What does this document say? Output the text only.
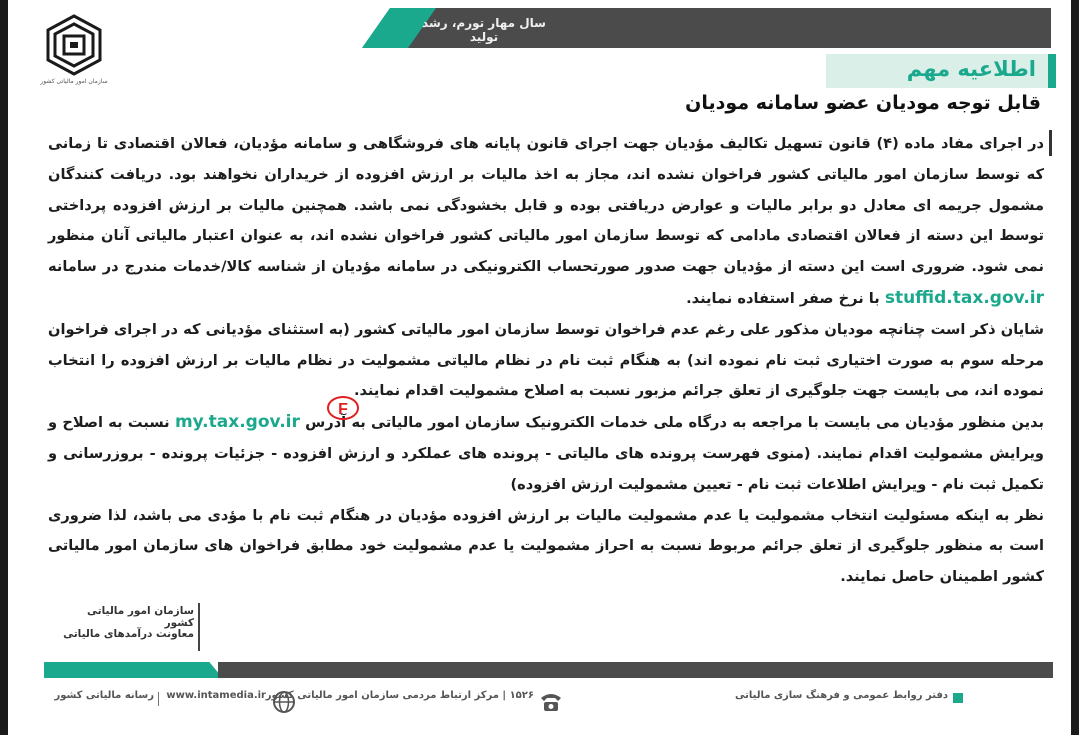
سال مهار تورم، رشد تولید
سازمان امور مالیاتی کشور
اطلاعیه مهم
قابل توجه مودیان عضو سامانه مودیان

در اجرای مفاد ماده (۴) قانون تسهیل تکالیف مؤدیان جهت اجرای قانون پایانه های فروشگاهی و سامانه مؤدیان، فعالان اقتصادی تا زمانی که توسط سازمان امور مالیاتی کشور فراخوان نشده اند، مجاز به اخذ مالیات بر ارزش افزوده از خریداران نخواهند بود. دریافت کنندگان مشمول جریمه ای معادل دو برابر مالیات و عوارض دریافتی بوده و قابل بخشودگی نمی باشد. همچنین مالیات بر ارزش افزوده پرداختی توسط این دسته از فعالان اقتصادی مادامی که توسط سازمان امور مالیاتی کشور فراخوان نشده اند، به عنوان اعتبار مالیاتی آنان منظور نمی شود. ضروری است این دسته از مؤدیان جهت صدور صورتحساب الکترونیکی در سامانه مؤدیان از شناسه کالا/خدمات مندرج در سامانه stuffid.tax.gov.ir با نرخ صفر استفاده نمایند.

شایان ذکر است چنانچه مودیان مذکور علی رغم عدم فراخوان توسط سازمان امور مالیاتی کشور (به استثنای مؤدیانی که در اجرای فراخوان مرحله سوم به صورت اختیاری ثبت نام نموده اند) به هنگام ثبت نام در نظام مالیاتی مشمولیت در نظام مالیات بر ارزش افزوده را انتخاب نموده اند، می بایست جهت جلوگیری از تعلق جرائم مزبور نسبت به اصلاح مشمولیت اقدام نمایند.

بدین منظور مؤدیان می بایست با مراجعه به درگاه ملی خدمات الکترونیک سازمان امور مالیاتی به آدرس my.tax.gov.ir نسبت به اصلاح و ویرایش مشمولیت اقدام نمایند. (منوی فهرست پرونده های مالیاتی - پرونده های عملکرد و ارزش افزوده - جزئیات پرونده - بروزرسانی و تکمیل ثبت نام - ویرایش اطلاعات ثبت نام - تعیین مشمولیت ارزش افزوده)

نظر به اینکه مسئولیت انتخاب مشمولیت یا عدم مشمولیت مالیات بر ارزش افزوده مؤدیان در هنگام ثبت نام با مؤدی می باشد، لذا ضروری است به منظور جلوگیری از تعلق جرائم مربوط نسبت به احراز مشمولیت یا عدم مشمولیت خود مطابق فراخوان های سازمان امور مالیاتی کشور اطمینان حاصل نمایند.

F
سازمان امور مالیاتی کشور
معاونت درآمدهای مالیاتی
دفتر روابط عمومی و فرهنگ سازی مالیاتی
۱۵۲۶ | مرکز ارتباط مردمی سازمان امور مالیاتی کشور
www.intamedia.ir
رسانه مالیاتی کشور
